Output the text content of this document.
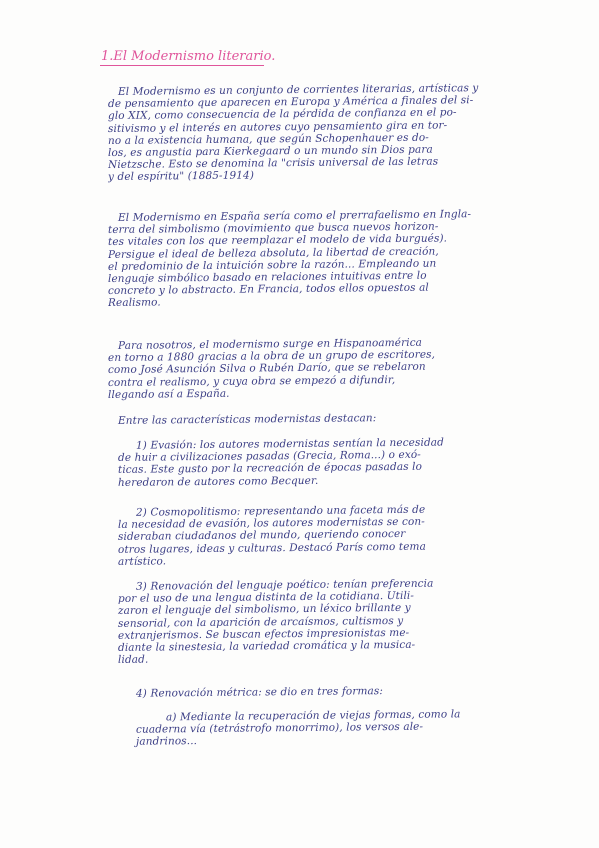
1.El Modernismo literario.
El Modernismo es un conjunto de corrientes literarias, artísticas y
de pensamiento que aparecen en Europa y América a finales del si-
glo XIX, como consecuencia de la pérdida de confianza en el po-
sitivismo y el interés en autores cuyo pensamiento gira en tor-
no a la existencia humana, que según Schopenhauer es do-
los, es angustia para Kierkegaard o un mundo sin Dios para
Nietzsche. Esto se denomina la "crisis universal de las letras
y del espíritu" (1885-1914)
El Modernismo en España sería como el prerrafaelismo en Ingla-
terra del simbolismo (movimiento que busca nuevos horizon-
tes vitales con los que reemplazar el modelo de vida burgués).
Persigue el ideal de belleza absoluta, la libertad de creación,
el predominio de la intuición sobre la razón... Empleando un
lenguaje simbólico basado en relaciones intuitivas entre lo
concreto y lo abstracto. En Francia, todos ellos opuestos al
Realismo.
Para nosotros, el modernismo surge en Hispanoamérica
en torno a 1880 gracias a la obra de un grupo de escritores,
como José Asunción Silva o Rubén Darío, que se rebelaron
contra el realismo, y cuya obra se empezó a difundir,
llegando así a España.
Entre las características modernistas destacan:
1) Evasión: los autores modernistas sentían la necesidad
de huir a civilizaciones pasadas (Grecia, Roma...) o exó-
ticas. Este gusto por la recreación de épocas pasadas lo
heredaron de autores como Becquer.
2) Cosmopolitismo: representando una faceta más de
la necesidad de evasión, los autores modernistas se con-
sideraban ciudadanos del mundo, queriendo conocer
otros lugares, ideas y culturas. Destacó París como tema
artístico.
3) Renovación del lenguaje poético: tenían preferencia
por el uso de una lengua distinta de la cotidiana. Utili-
zaron el lenguaje del simbolismo, un léxico brillante y
sensorial, con la aparición de arcaísmos, cultismos y
extranjerismos. Se buscan efectos impresionistas me-
diante la sinestesia, la variedad cromática y la musica-
lidad.
4) Renovación métrica: se dio en tres formas:
a) Mediante la recuperación de viejas formas, como la
cuaderna vía (tetrástrofo monorrimo), los versos ale-
jandrinos...
